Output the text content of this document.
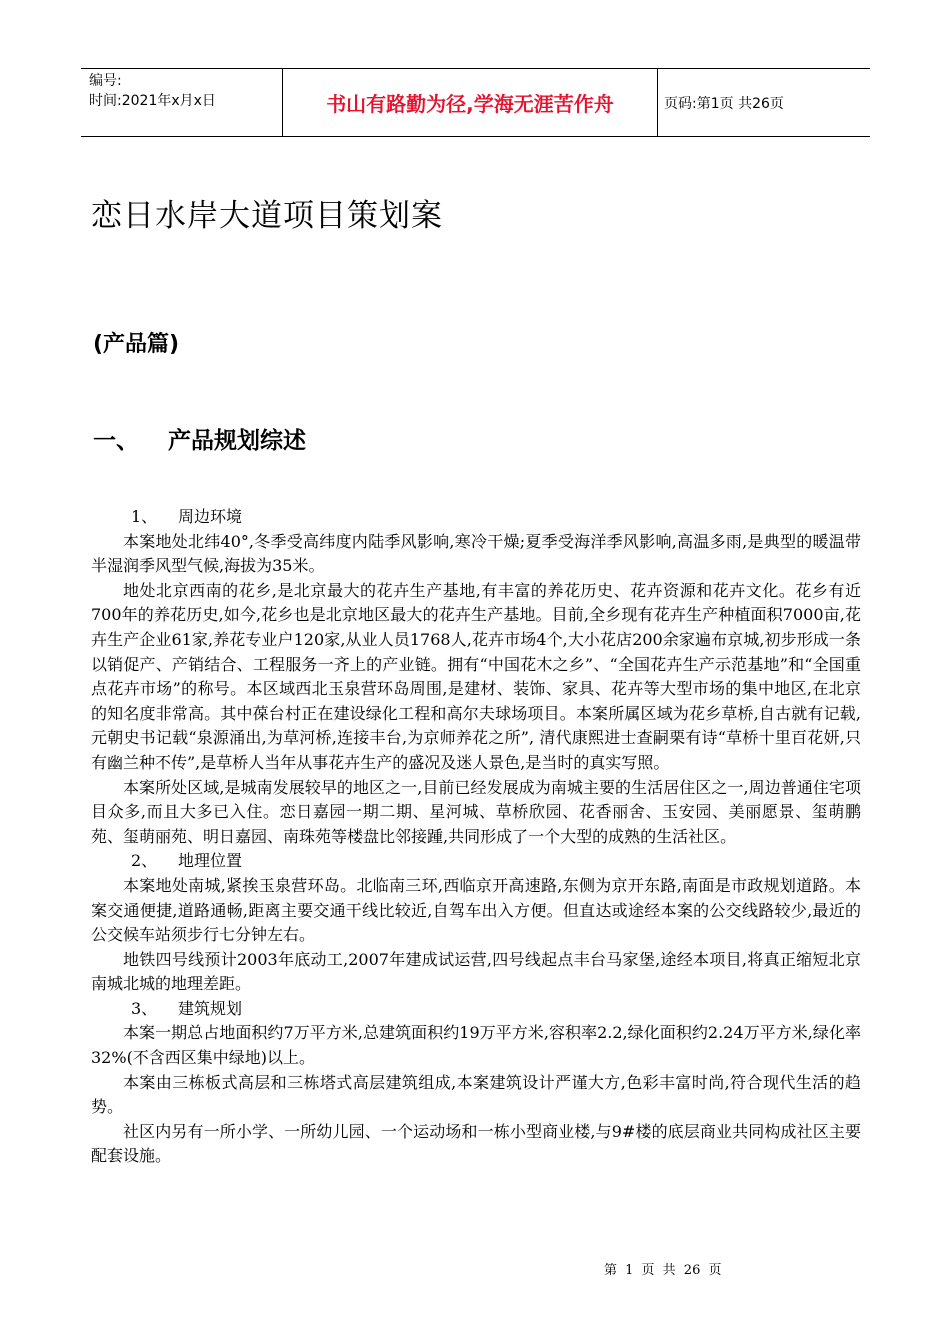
编号:
时间:2021年x月x日	书山有路勤为径,学海无涯苦作舟	页码:第1页 共26页
恋日水岸大道项目策划案
(产品篇)
一、 产品规划综述

1、 周边环境

本案地处北纬40°,冬季受高纬度内陆季风影响,寒冷干燥;夏季受海洋季风影响,高温多雨,是典型的暖温带半湿润季风型气候,海拔为35米。

地处北京西南的花乡,是北京最大的花卉生产基地,有丰富的养花历史、花卉资源和花卉文化。花乡有近700年的养花历史,如今,花乡也是北京地区最大的花卉生产基地。目前,全乡现有花卉生产种植面积7000亩,花卉生产企业61家,养花专业户120家,从业人员1768人,花卉市场4个,大小花店200余家遍布京城,初步形成一条以销促产、产销结合、工程服务一齐上的产业链。拥有“中国花木之乡”、“全国花卉生产示范基地”和“全国重点花卉市场”的称号。本区域西北玉泉营环岛周围,是建材、装饰、家具、花卉等大型市场的集中地区,在北京的知名度非常高。其中葆台村正在建设绿化工程和高尔夫球场项目。本案所属区域为花乡草桥,自古就有记载,元朝史书记载“泉源涌出,为草河桥,连接丰台,为京师养花之所”, 清代康熙进士查嗣栗有诗“草桥十里百花妍,只有幽兰种不传”,是草桥人当年从事花卉生产的盛况及迷人景色,是当时的真实写照。

本案所处区域,是城南发展较早的地区之一,目前已经发展成为南城主要的生活居住区之一,周边普通住宅项目众多,而且大多已入住。恋日嘉园一期二期、星河城、草桥欣园、花香丽舍、玉安园、美丽愿景、玺萌鹏苑、玺萌丽苑、明日嘉园、南珠苑等楼盘比邻接踵,共同形成了一个大型的成熟的生活社区。

2、 地理位置

本案地处南城,紧挨玉泉营环岛。北临南三环,西临京开高速路,东侧为京开东路,南面是市政规划道路。本案交通便捷,道路通畅,距离主要交通干线比较近,自驾车出入方便。但直达或途经本案的公交线路较少,最近的公交候车站须步行七分钟左右。

地铁四号线预计2003年底动工,2007年建成试运营,四号线起点丰台马家堡,途经本项目,将真正缩短北京南城北城的地理差距。

3、 建筑规划

本案一期总占地面积约7万平方米,总建筑面积约19万平方米,容积率2.2,绿化面积约2.24万平方米,绿化率32%(不含西区集中绿地)以上。

本案由三栋板式高层和三栋塔式高层建筑组成,本案建筑设计严谨大方,色彩丰富时尚,符合现代生活的趋势。

社区内另有一所小学、一所幼儿园、一个运动场和一栋小型商业楼,与9#楼的底层商业共同构成社区主要配套设施。

第 1 页 共 26 页
